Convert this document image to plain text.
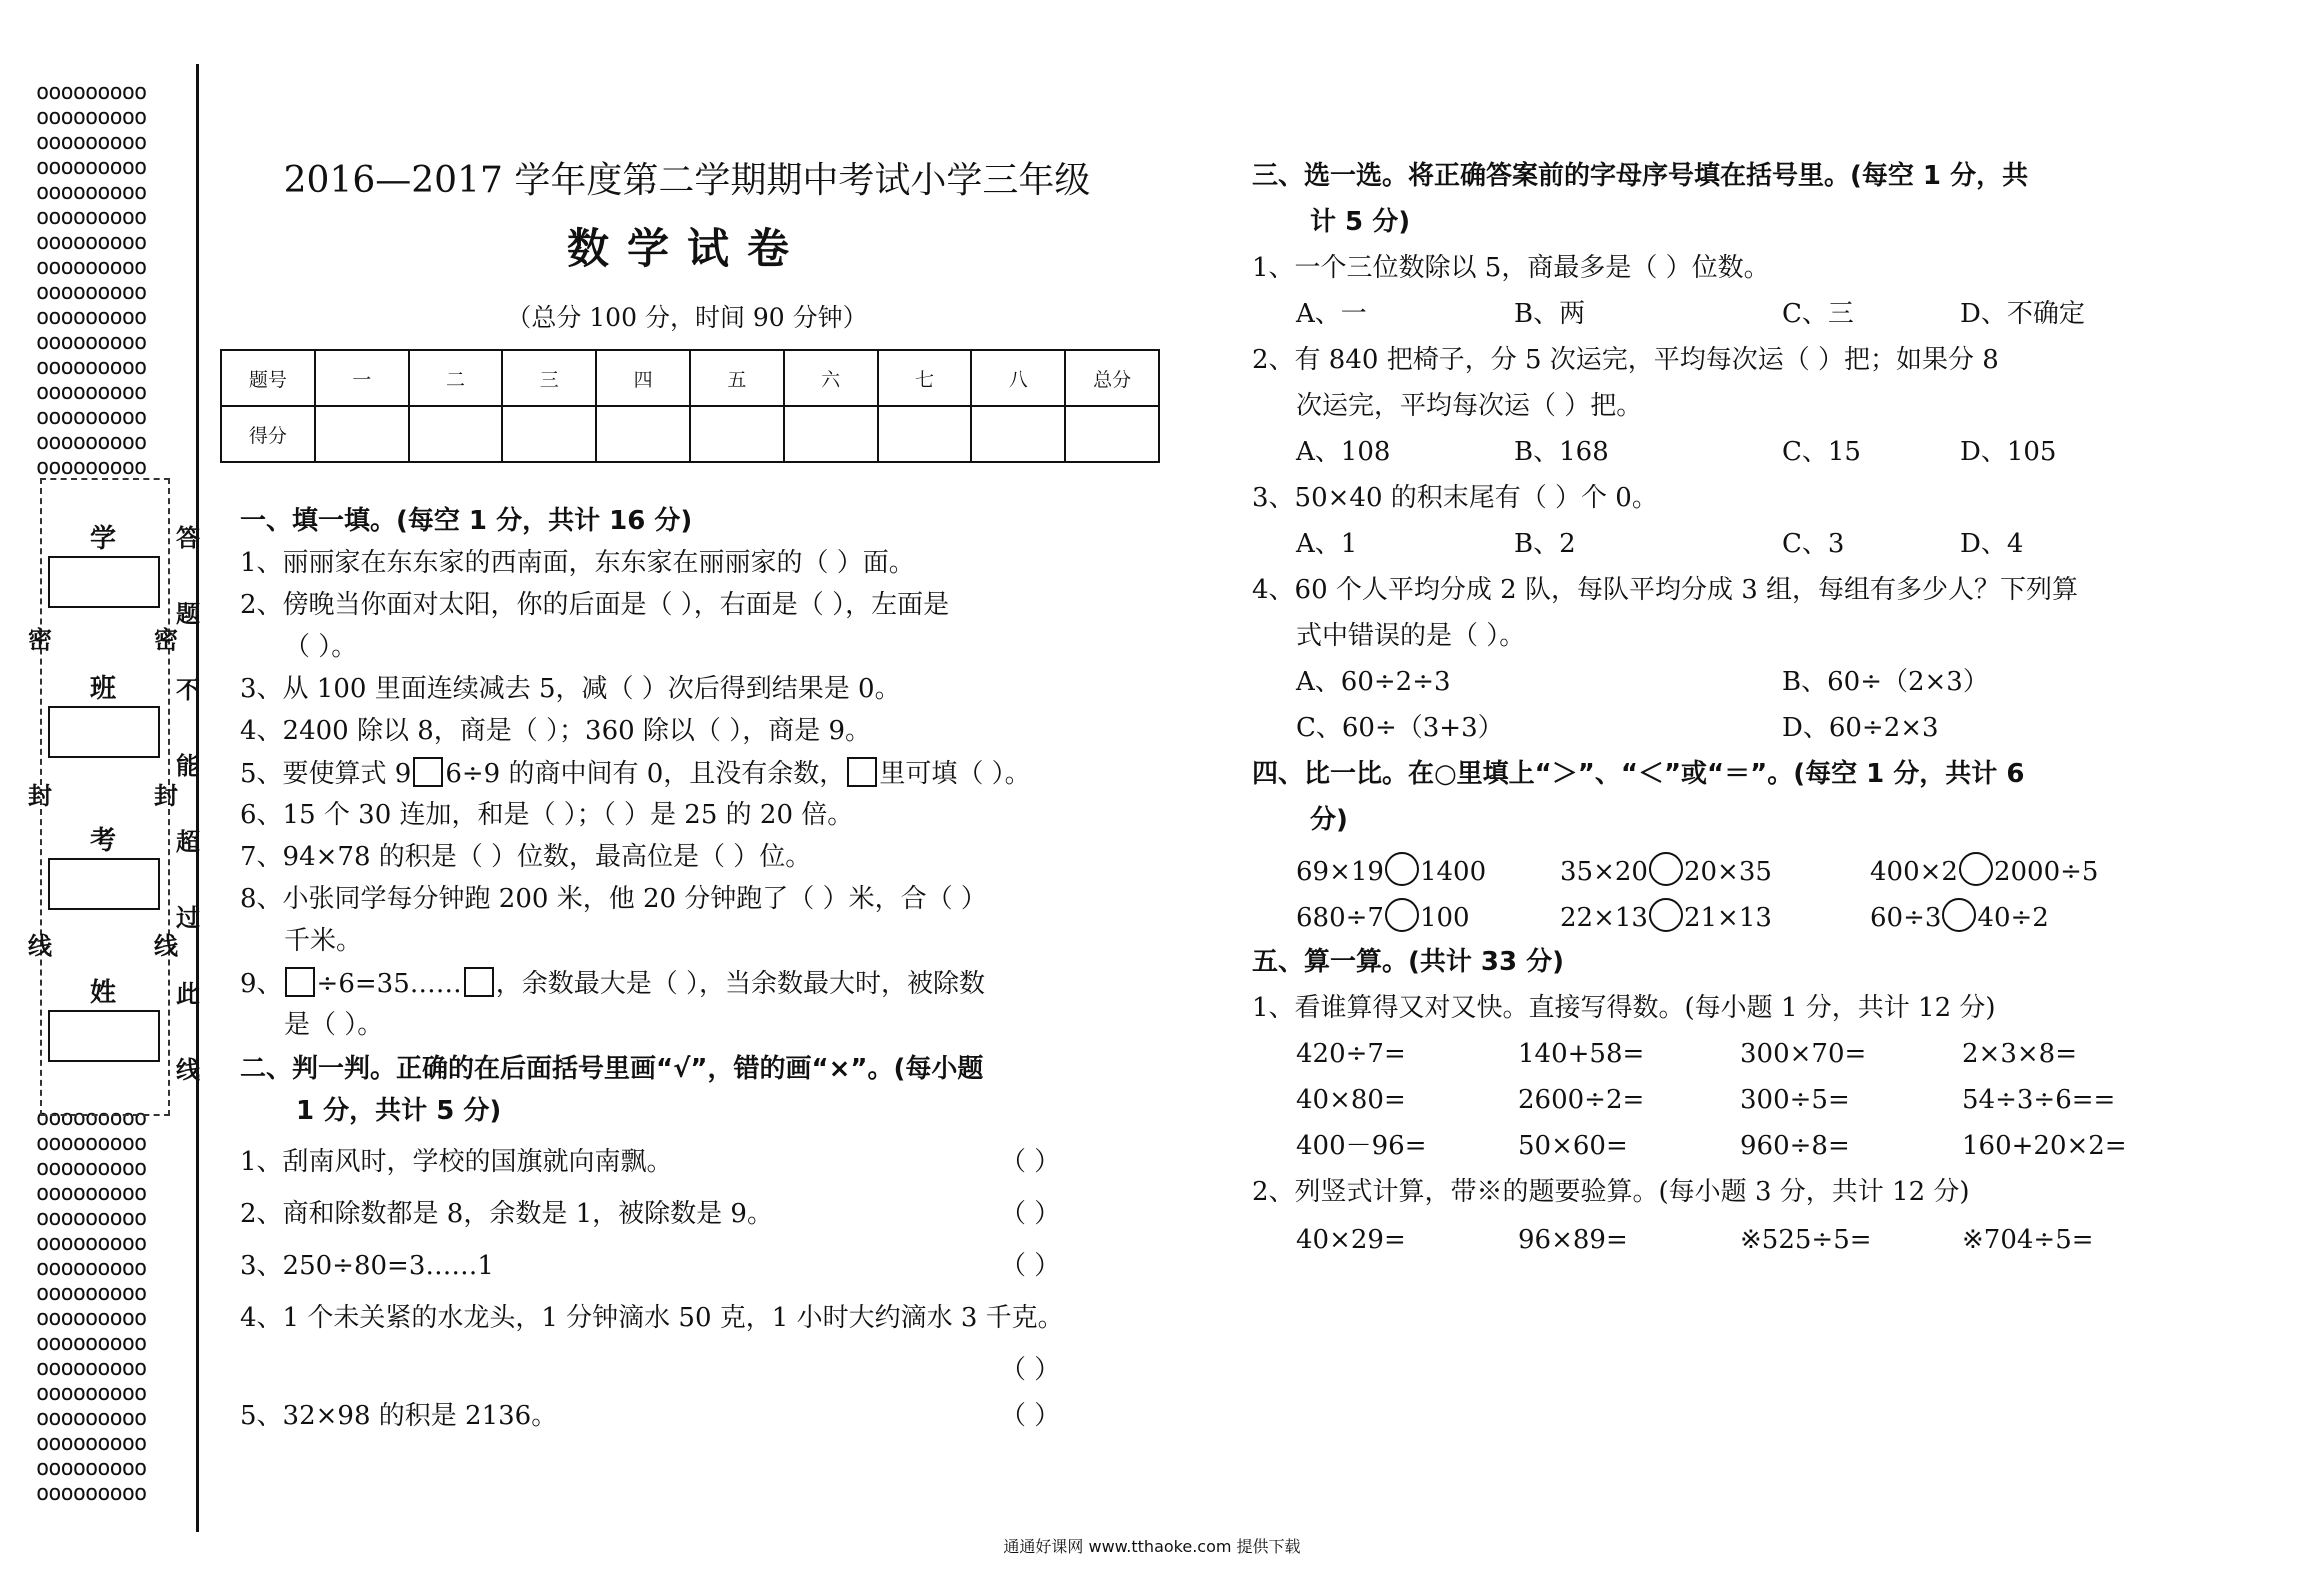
ooooooooo
ooooooooo
ooooooooo
ooooooooo
ooooooooo
ooooooooo
ooooooooo
ooooooooo
ooooooooo
ooooooooo
ooooooooo
ooooooooo
ooooooooo
ooooooooo
ooooooooo
ooooooooo
ooooooooo
ooooooooo
ooooooooo
ooooooooo
ooooooooo
ooooooooo
ooooooooo
ooooooooo
ooooooooo
ooooooooo
ooooooooo
ooooooooo
ooooooooo
ooooooooo
ooooooooo
ooooooooo
学
班
考
姓
密
封
线
密
封
线
答
题
不
能
超
过
此
线
2016—2017 学年度第二学期期中考试小学三年级
数学试卷
（总分 100 分，时间 90 分钟）
题号	一	二	三	四	五	六	七	八	总分
得分									
一、填一填。(每空 1 分，共计 16 分)
1、丽丽家在东东家的西南面，东东家在丽丽家的（ ）面。
2、傍晚当你面对太阳，你的后面是（ ），右面是（ ），左面是
（ ）。
3、从 100 里面连续减去 5，减（ ）次后得到结果是 0。
4、2400 除以 8，商是（ ）；360 除以（ ），商是 9。
5、要使算式 9 6÷9 的商中间有 0，且没有余数， 里可填（ ）。
6、15 个 30 连加，和是（ ）；（ ）是 25 的 20 倍。
7、94×78 的积是（ ）位数，最高位是（ ）位。
8、小张同学每分钟跑 200 米，他 20 分钟跑了（ ）米，合（ ）
千米。
9、 ÷6=35…… ，余数最大是（ ），当余数最大时，被除数
是（ ）。
二、判一判。正确的在后面括号里画“√”，错的画“×”。(每小题
1 分，共计 5 分)
1、刮南风时，学校的国旗就向南飘。	（ ）
2、商和除数都是 8，余数是 1，被除数是 9。	（ ）
3、250÷80=3……1	（ ）
4、1 个未关紧的水龙头，1 分钟滴水 50 克，1 小时大约滴水 3 千克。
（ ）
5、32×98 的积是 2136。	（ ）
三、选一选。将正确答案前的字母序号填在括号里。(每空 1 分，共
计 5 分)
1、一个三位数除以 5，商最多是（ ）位数。
A、一	B、两	C、三	D、不确定
2、有 840 把椅子，分 5 次运完，平均每次运（ ）把；如果分 8
次运完，平均每次运（ ）把。
A、108	B、168	C、15	D、105
3、50×40 的积末尾有（ ）个 0。
A、1	B、2	C、3	D、4
4、60 个人平均分成 2 队，每队平均分成 3 组，每组有多少人？下列算
式中错误的是（ ）。
A、60÷2÷3	B、60÷（2×3）
C、60÷（3+3）	D、60÷2×3
四、比一比。在○里填上“＞”、“＜”或“＝”。(每空 1 分，共计 6
分)
69×19 1400	35×20 20×35	400×2 2000÷5
680÷7 100	22×13 21×13	60÷3 40÷2
五、算一算。(共计 33 分)
1、看谁算得又对又快。直接写得数。(每小题 1 分，共计 12 分)
420÷7=	140+58=	300×70=	2×3×8=
40×80=	2600÷2=	300÷5=	54÷3÷6==
400－96=	50×60=	960÷8=	160+20×2=
2、列竖式计算，带※的题要验算。(每小题 3 分，共计 12 分)
40×29=	96×89=	※525÷5=	※704÷5=
通通好课网 www.tthaoke.com 提供下载
